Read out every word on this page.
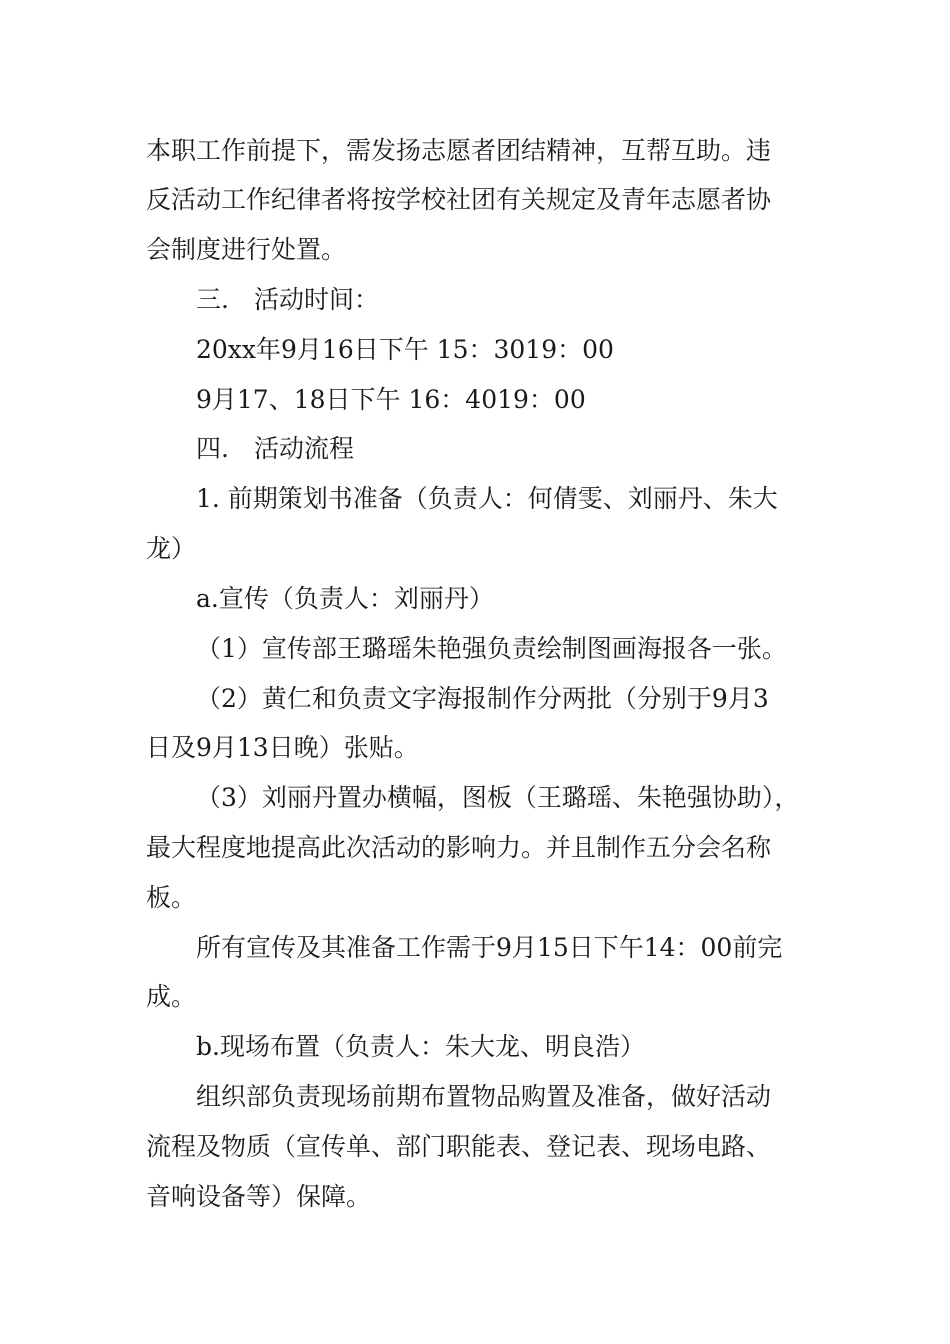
本职工作前提下，需发扬志愿者团结精神，互帮互助。违
反活动工作纪律者将按学校社团有关规定及青年志愿者协
会制度进行处置。
三.　活动时间：
20xx年9月16日下午 15：3019：00
9月17、18日下午 16：4019：00
四.　活动流程
1. 前期策划书准备（负责人：何倩雯、刘丽丹、朱大
龙）
a.宣传（负责人：刘丽丹）
（1）宣传部王璐瑶朱艳强负责绘制图画海报各一张。
（2）黄仁和负责文字海报制作分两批（分别于9月3
日及9月13日晚）张贴。
（3）刘丽丹置办横幅，图板（王璐瑶、朱艳强协助），
最大程度地提高此次活动的影响力。并且制作五分会名称
板。
所有宣传及其准备工作需于9月15日下午14：00前完
成。
b.现场布置（负责人：朱大龙、明良浩）
组织部负责现场前期布置物品购置及准备，做好活动
流程及物质（宣传单、部门职能表、登记表、现场电路、
音响设备等）保障。
